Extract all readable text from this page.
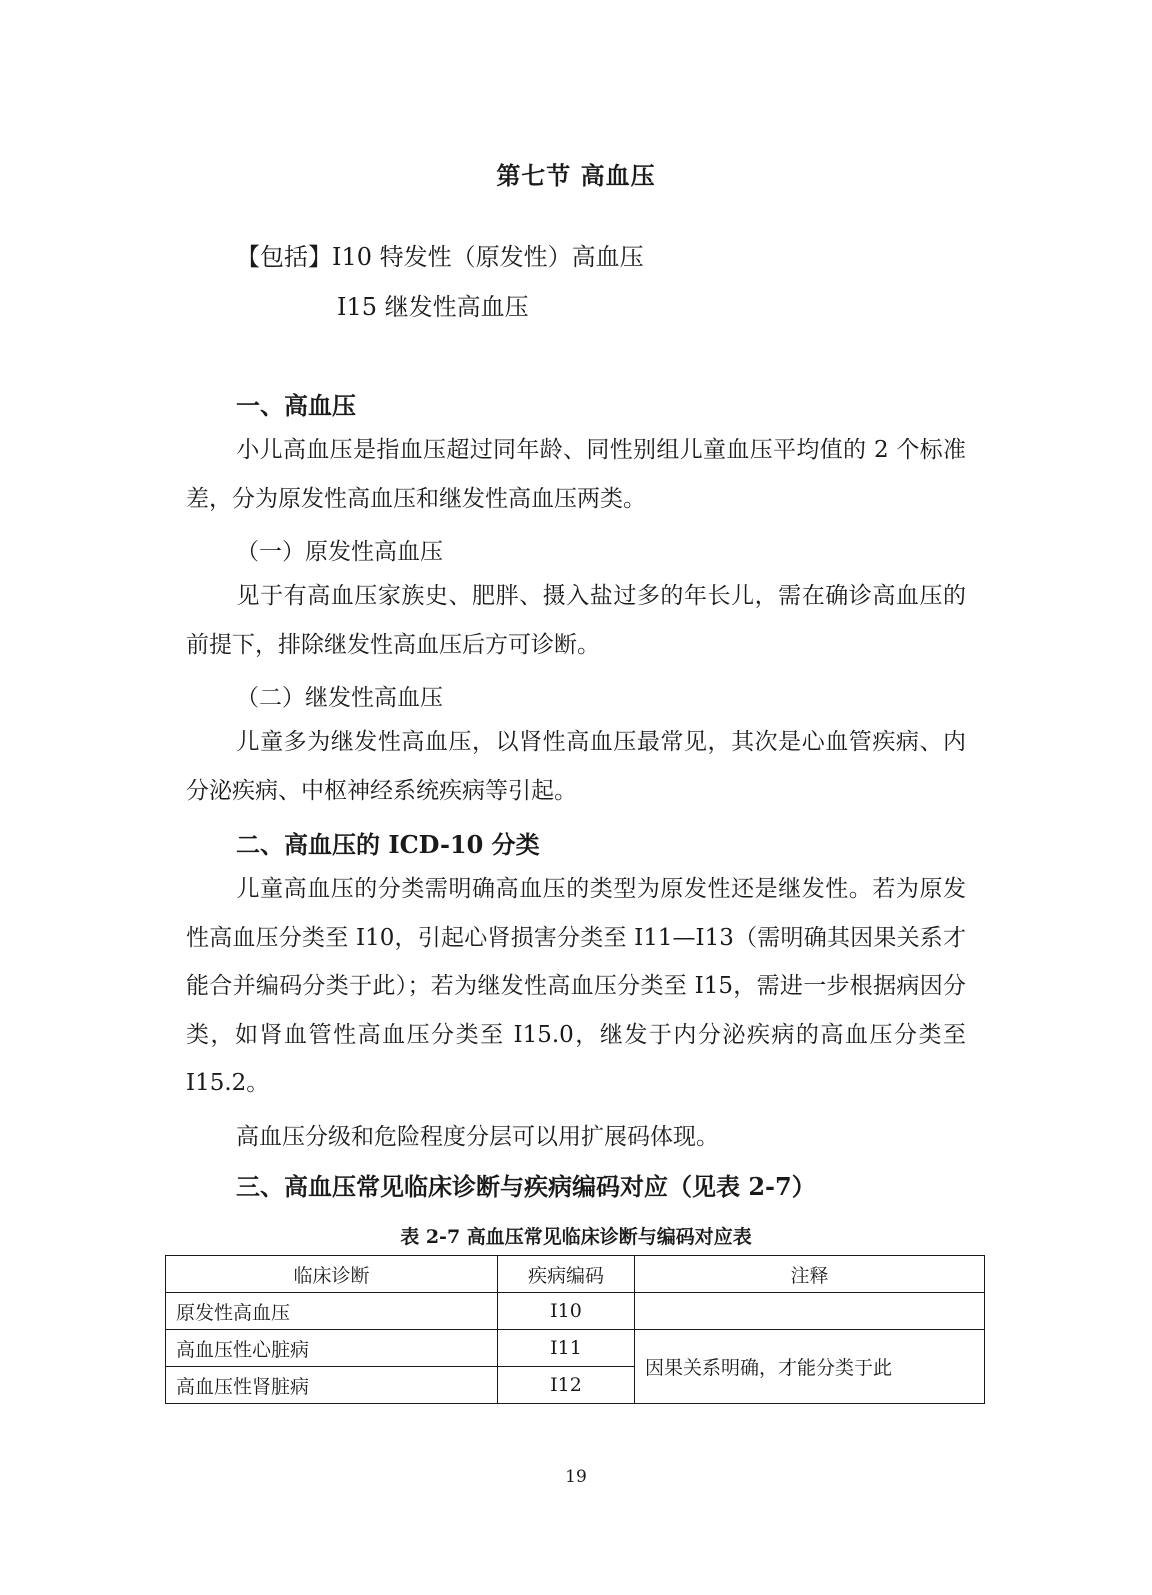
第七节 高血压
【包括】I10 特发性（原发性）高血压
I15 继发性高血压
一、高血压
小儿高血压是指血压超过同年龄、同性别组儿童血压平均值的 2 个标准差，分为原发性高血压和继发性高血压两类。
（一）原发性高血压
见于有高血压家族史、肥胖、摄入盐过多的年长儿，需在确诊高血压的前提下，排除继发性高血压后方可诊断。
（二）继发性高血压
儿童多为继发性高血压，以肾性高血压最常见，其次是心血管疾病、内分泌疾病、中枢神经系统疾病等引起。
二、高血压的 ICD-10 分类
儿童高血压的分类需明确高血压的类型为原发性还是继发性。若为原发性高血压分类至 I10，引起心肾损害分类至 I11—I13（需明确其因果关系才能合并编码分类于此）；若为继发性高血压分类至 I15，需进一步根据病因分类，如肾血管性高血压分类至 I15.0，继发于内分泌疾病的高血压分类至 I15.2。
高血压分级和危险程度分层可以用扩展码体现。
三、高血压常见临床诊断与疾病编码对应（见表 2-7）
表 2-7 高血压常见临床诊断与编码对应表
临床诊断	疾病编码	注释
原发性高血压	I10	
高血压性心脏病	I11	因果关系明确，才能分类于此
高血压性肾脏病	I12	
19
